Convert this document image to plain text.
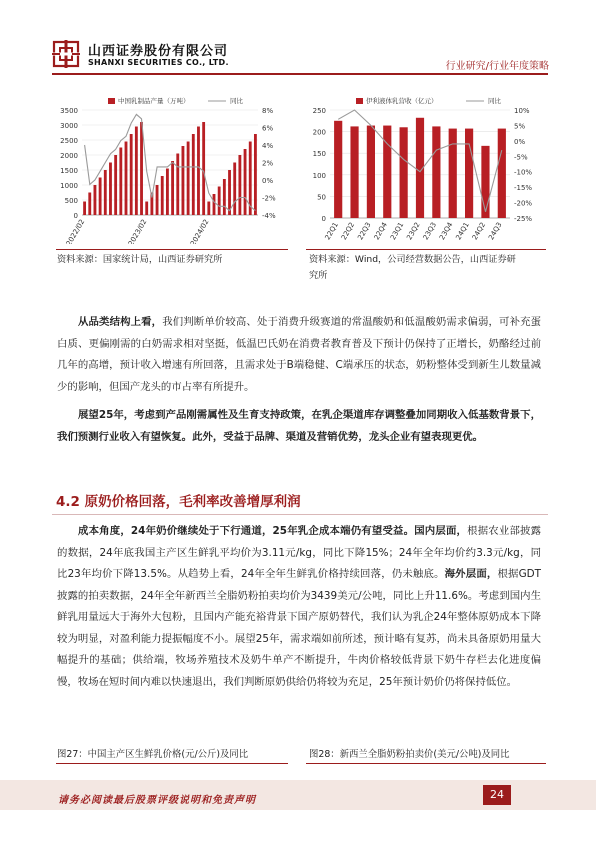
山西证券股份有限公司
SHANXI SECURITIES CO., LTD.	行业研究/行业年度策略
0
500
1000
1500
2000
2500
3000
3500
-4%
-2%
0%
2%
4%
6%
8%
2022/02	2023/02	2024/02
中国乳制品产量（万吨）	同比
0
50
100
150
200
250
-25%
-20%
-15%
-10%
-5%
0%
5%
10%
22Q1 22Q2 22Q3 22Q4 23Q1 23Q2 23Q3 23Q4 24Q1 24Q2 24Q3
伊利液体乳营收（亿元）	同比
资料来源：国家统计局，山西证券研究所	资料来源：Wind，公司经营数据公告，山西证券研
究所

从品类结构上看，我们判断单价较高、处于消费升级赛道的常温酸奶和低温酸奶需求偏弱，可补充蛋白质、更偏刚需的白奶需求相对坚挺，低温巴氏奶在消费者教育普及下预计仍保持了正增长，奶酪经过前几年的高增，预计收入增速有所回落，且需求处于B端稳健、C端承压的状态，奶粉整体受到新生儿数量减少的影响，但国产龙头的市占率有所提升。

展望25年，考虑到产品刚需属性及生育支持政策，在乳企渠道库存调整叠加同期收入低基数背景下，我们预测行业收入有望恢复。此外，受益于品牌、渠道及营销优势，龙头企业有望表现更优。

4.2 原奶价格回落，毛利率改善增厚利润

成本角度，24年奶价继续处于下行通道，25年乳企成本端仍有望受益。国内层面，根据农业部披露的数据，24年底我国主产区生鲜乳平均价为3.11元/kg，同比下降15%；24年全年均价约3.3元/kg，同比23年均价下降13.5%。从趋势上看，24年全年生鲜乳价格持续回落，仍未触底。海外层面，根据GDT披露的拍卖数据，24年全年新西兰全脂奶粉拍卖均价为3439美元/公吨，同比上升11.6%。考虑到国内生鲜乳用量远大于海外大包粉，且国内产能充裕背景下国产原奶替代，我们认为乳企24年整体原奶成本下降较为明显，对盈利能力提振幅度不小。展望25年，需求端如前所述，预计略有复苏，尚未具备原奶用量大幅提升的基础；供给端，牧场养殖技术及奶牛单产不断提升，牛肉价格较低背景下奶牛存栏去化进度偏慢，牧场在短时间内难以快速退出，我们判断原奶供给仍将较为充足，25年预计奶价仍将保持低位。

图27：中国主产区生鲜乳价格(元/公斤)及同比	图28：新西兰全脂奶粉拍卖价(美元/公吨)及同比
请务必阅读最后股票评级说明和免责声明	24
